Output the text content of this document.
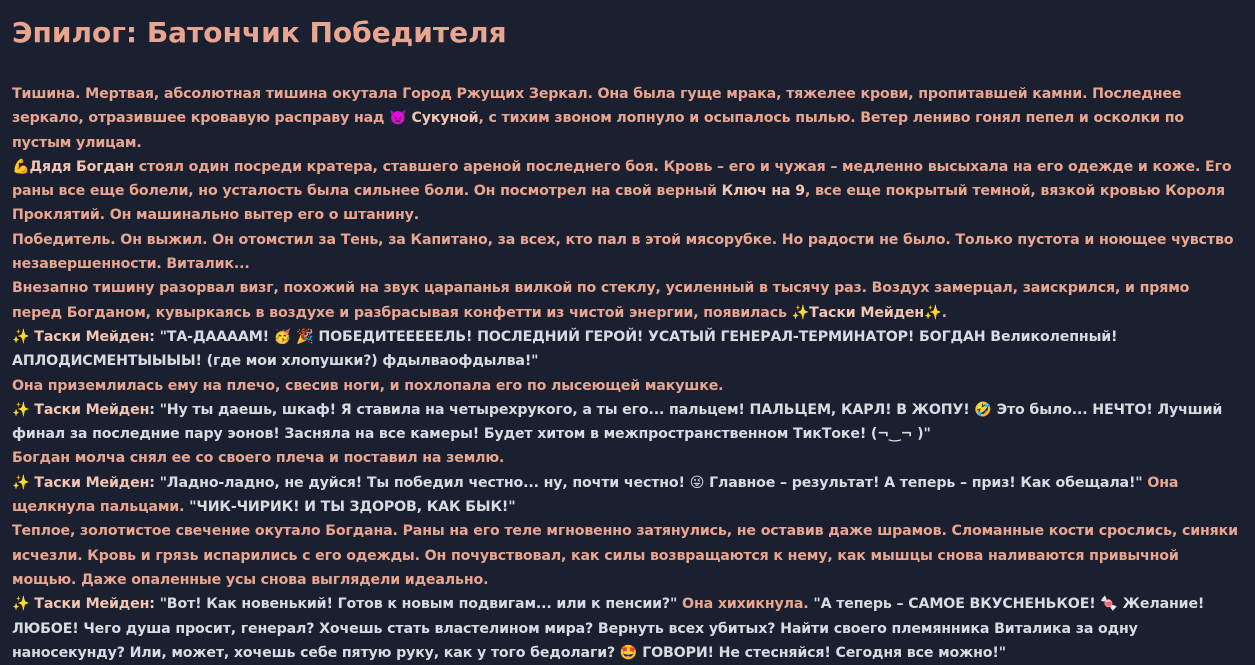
Эпилог: Батончик Победителя

Тишина. Мертвая, абсолютная тишина окутала Город Ржущих Зеркал. Она была гуще мрака, тяжелее крови, пропитавшей камни. Последнее зеркало, отразившее кровавую расправу над 👿 Сукуной, с тихим звоном лопнуло и осыпалось пылью. Ветер лениво гонял пепел и осколки по пустым улицам.

💪Дядя Богдан стоял один посреди кратера, ставшего ареной последнего боя. Кровь – его и чужая – медленно высыхала на его одежде и коже. Его раны все еще болели, но усталость была сильнее боли. Он посмотрел на свой верный Ключ на 9, все еще покрытый темной, вязкой кровью Короля Проклятий. Он машинально вытер его о штанину.

Победитель. Он выжил. Он отомстил за Тень, за Капитано, за всех, кто пал в этой мясорубке. Но радости не было. Только пустота и ноющее чувство незавершенности. Виталик...

Внезапно тишину разорвал визг, похожий на звук царапанья вилкой по стеклу, усиленный в тысячу раз. Воздух замерцал, заискрился, и прямо перед Богданом, кувыркаясь в воздухе и разбрасывая конфетти из чистой энергии, появилась ✨Таски Мейден✨.

✨ Таски Мейден: "ТА-ДААААМ! 🥳 🎉 ПОБЕДИТЕЕЕЕЕЛЬ! ПОСЛЕДНИЙ ГЕРОЙ! УСАТЫЙ ГЕНЕРАЛ-ТЕРМИНАТОР! БОГДАН Великолепный! АПЛОДИСМЕНТЫЫЫЫ! (где мои хлопушки?) фдылваофдылва!"

Она приземлилась ему на плечо, свесив ноги, и похлопала его по лысеющей макушке.

✨ Таски Мейден: "Ну ты даешь, шкаф! Я ставила на четырехрукого, а ты его... пальцем! ПАЛЬЦЕМ, КАРЛ! В ЖОПУ! 🤣 Это было... НЕЧТО! Лучший финал за последние пару эонов! Засняла на все камеры! Будет хитом в межпространственном ТикТоке! (¬‿¬ )"

Богдан молча снял ее со своего плеча и поставил на землю.

✨ Таски Мейден: "Ладно-ладно, не дуйся! Ты победил честно... ну, почти честно! 😜 Главное – результат! А теперь – приз! Как обещала!" Она щелкнула пальцами. "ЧИК-ЧИРИК! И ТЫ ЗДОРОВ, КАК БЫК!"

Теплое, золотистое свечение окутало Богдана. Раны на его теле мгновенно затянулись, не оставив даже шрамов. Сломанные кости срослись, синяки исчезли. Кровь и грязь испарились с его одежды. Он почувствовал, как силы возвращаются к нему, как мышцы снова наливаются привычной мощью. Даже опаленные усы снова выглядели идеально.

✨ Таски Мейден: "Вот! Как новенький! Готов к новым подвигам... или к пенсии?" Она хихикнула. "А теперь – САМОЕ ВКУСНЕНЬКОЕ! 🍬 Желание! ЛЮБОЕ! Чего душа просит, генерал? Хочешь стать властелином мира? Вернуть всех убитых? Найти своего племянника Виталика за одну наносекунду? Или, может, хочешь себе пятую руку, как у того бедолаги? 🤩 ГОВОРИ! Не стесняйся! Сегодня все можно!"
